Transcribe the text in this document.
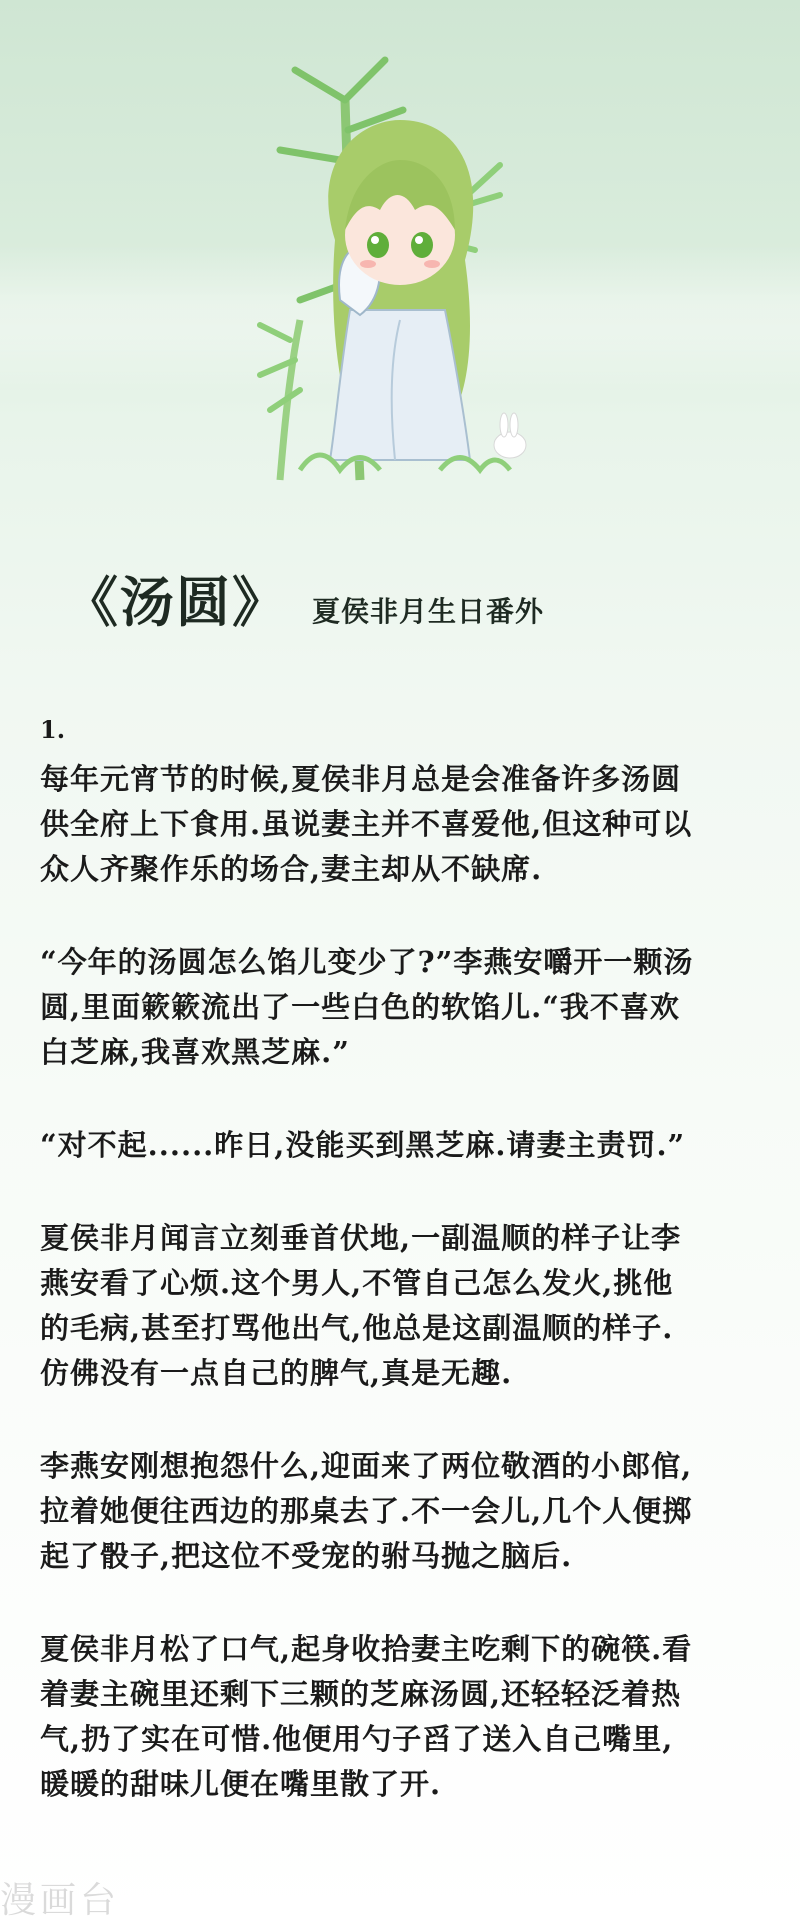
《汤圆》 夏侯非月生日番外
1.

每年元宵节的时候,夏侯非月总是会准备许多汤圆
供全府上下食用.虽说妻主并不喜爱他,但这种可以
众人齐聚作乐的场合,妻主却从不缺席.

“今年的汤圆怎么馅儿变少了?”李燕安嚼开一颗汤
圆,里面簌簌流出了一些白色的软馅儿.“我不喜欢
白芝麻,我喜欢黑芝麻.”

“对不起......昨日,没能买到黑芝麻.请妻主责罚.”

夏侯非月闻言立刻垂首伏地,一副温顺的样子让李
燕安看了心烦.这个男人,不管自己怎么发火,挑他
的毛病,甚至打骂他出气,他总是这副温顺的样子.
仿佛没有一点自己的脾气,真是无趣.

李燕安刚想抱怨什么,迎面来了两位敬酒的小郎倌,
拉着她便往西边的那桌去了.不一会儿,几个人便掷
起了骰子,把这位不受宠的驸马抛之脑后.

夏侯非月松了口气,起身收拾妻主吃剩下的碗筷.看
着妻主碗里还剩下三颗的芝麻汤圆,还轻轻泛着热
气,扔了实在可惜.他便用勺子舀了送入自己嘴里,
暖暖的甜味儿便在嘴里散了开.

漫画台
